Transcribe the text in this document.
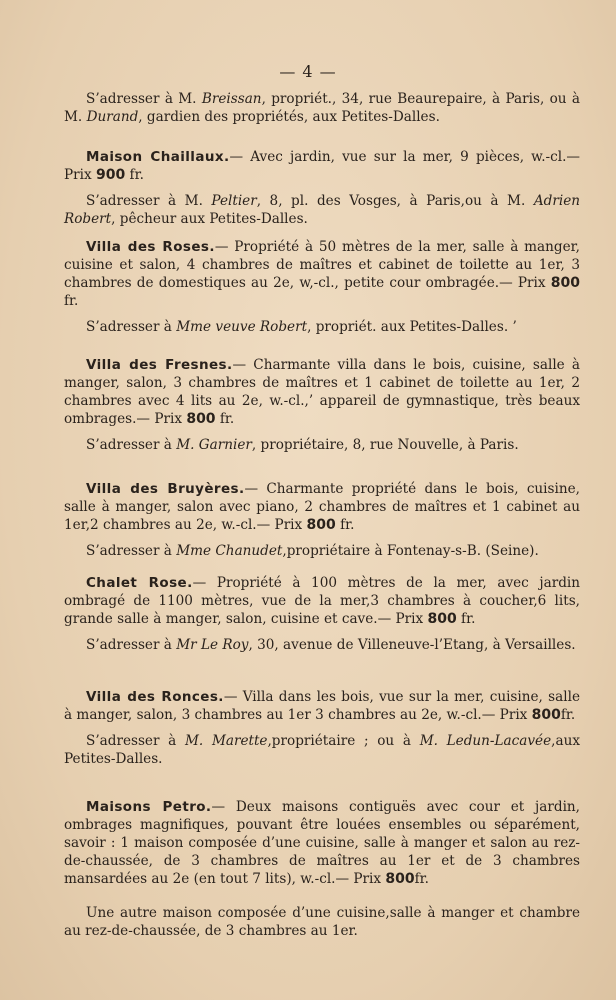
— 4 —

S’adresser à M. Breissan, propriét., 34, rue Beaurepaire, à Paris, ou à M. Durand, gardien des propriétés, aux Petites-Dalles.

Maison Chaillaux.— Avec jardin, vue sur la mer, 9 pièces, w.-cl.— Prix 900 fr.

S’adresser à M. Peltier, 8, pl. des Vosges, à Paris,ou à M. Adrien Robert, pêcheur aux Petites-Dalles.

Villa des Roses.— Propriété à 50 mètres de la mer, salle à manger, cuisine et salon, 4 chambres de maîtres et cabinet de toilette au 1er, 3 chambres de domestiques au 2e, w,-cl., petite cour ombragée.— Prix 800 fr.

S’adresser à Mme veuve Robert, propriét. aux Petites-Dalles. ’

Villa des Fresnes.— Charmante villa dans le bois, cuisine, salle à manger, salon, 3 chambres de maîtres et 1 cabinet de toilette au 1er, 2 chambres avec 4 lits au 2e, w.-cl.,’ appareil de gymnastique, très beaux ombrages.— Prix 800 fr.

S’adresser à M. Garnier, propriétaire, 8, rue Nouvelle, à Paris.

Villa des Bruyères.— Charmante propriété dans le bois, cuisine, salle à manger, salon avec piano, 2 chambres de maîtres et 1 cabinet au 1er,2 chambres au 2e, w.-cl.— Prix 800 fr.

S’adresser à Mme Chanudet,propriétaire à Fontenay-s-B. (Seine).

Chalet Rose.— Propriété à 100 mètres de la mer, avec jardin ombragé de 1100 mètres, vue de la mer,3 chambres à coucher,6 lits, grande salle à manger, salon, cuisine et cave.— Prix 800 fr.

S’adresser à Mr Le Roy, 30, avenue de Villeneuve-l’Etang, à Versailles.

Villa des Ronces.— Villa dans les bois, vue sur la mer, cuisine, salle à manger, salon, 3 chambres au 1er 3 chambres au 2e, w.-cl.— Prix 800fr.

S’adresser à M. Marette,propriétaire ; ou à M. Ledun-Lacavée,aux Petites-Dalles.

Maisons Petro.— Deux maisons contiguës avec cour et jardin, ombrages magnifiques, pouvant être louées ensembles ou séparément, savoir : 1 maison composée d’une cuisine, salle à manger et salon au rez-de-chaussée, de 3 chambres de maîtres au 1er et de 3 chambres mansardées au 2e (en tout 7 lits), w.-cl.— Prix 800fr.

Une autre maison composée d’une cuisine,salle à manger et chambre au rez-de-chaussée, de 3 chambres au 1er.
